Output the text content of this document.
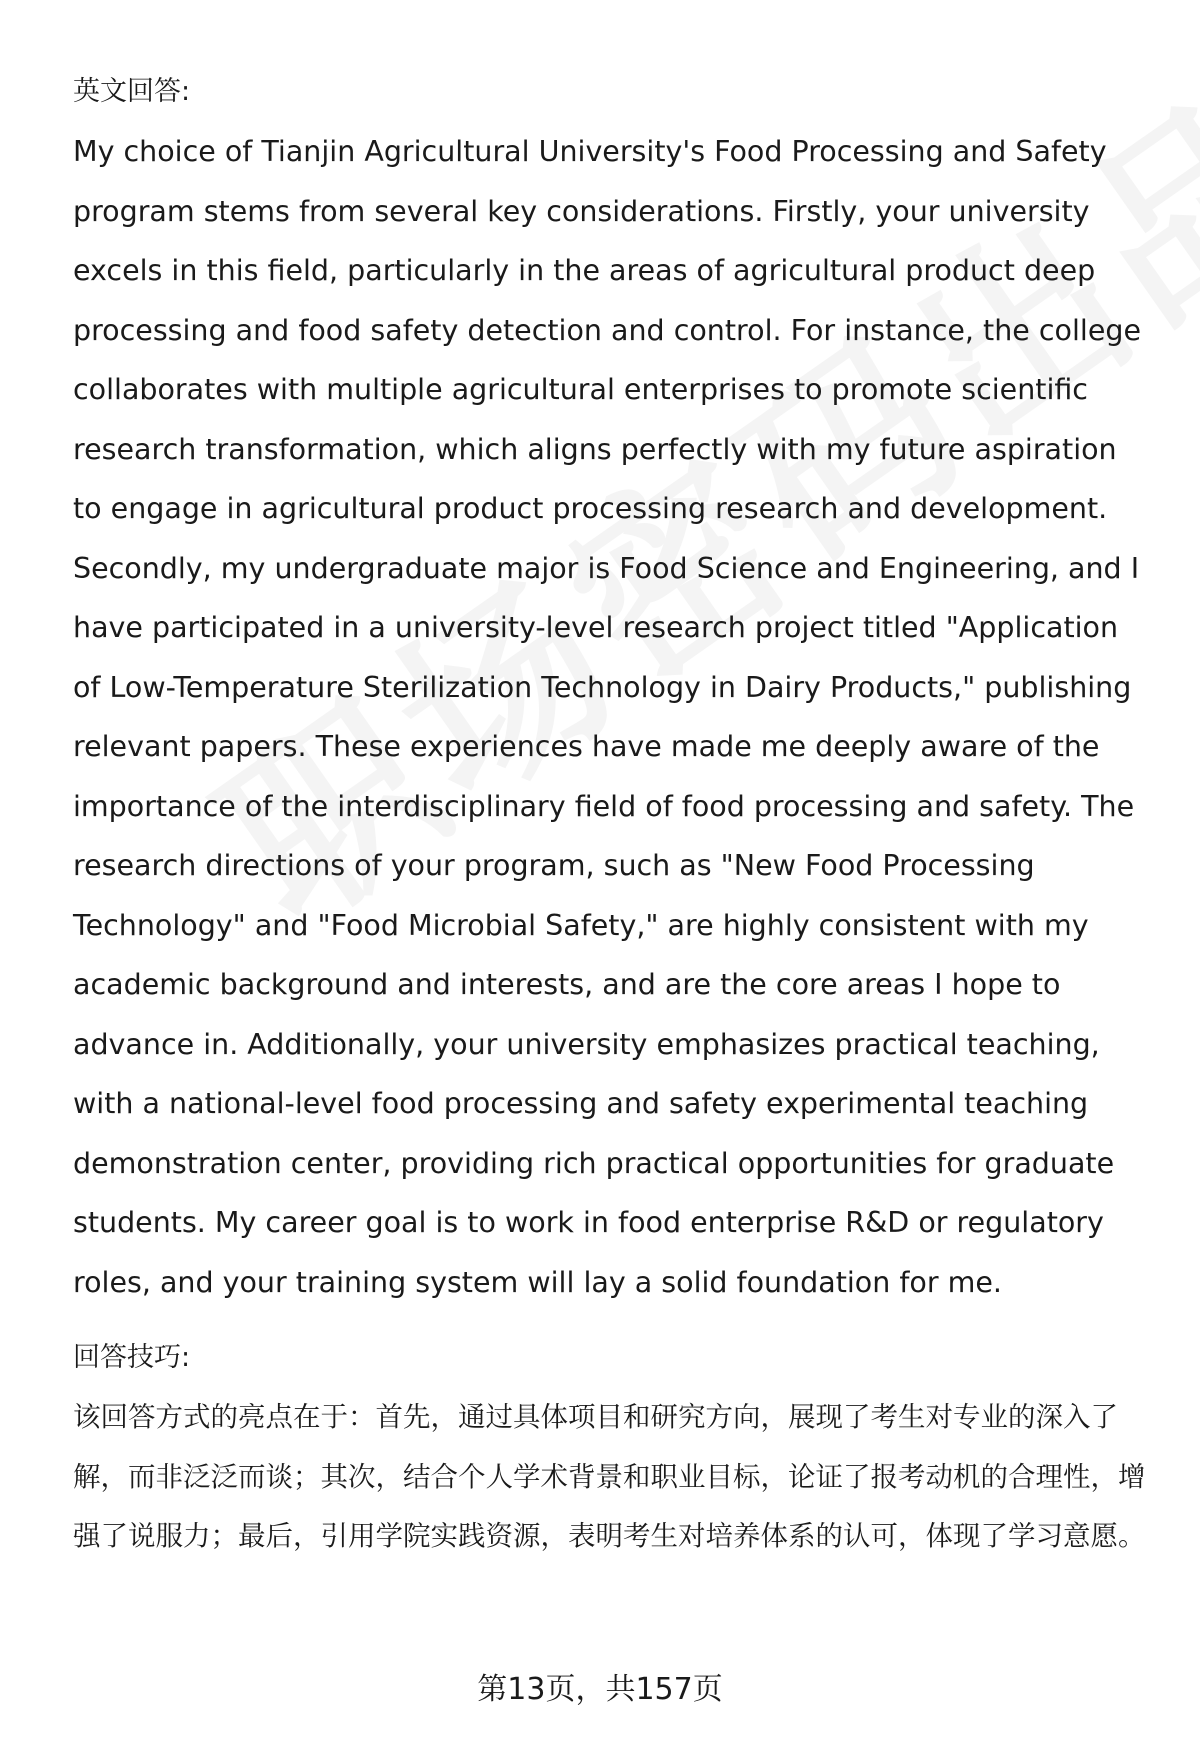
英文回答:

My choice of Tianjin Agricultural University's Food Processing and Safety program stems from several key considerations. Firstly, your university excels in this field, particularly in the areas of agricultural product deep processing and food safety detection and control. For instance, the college collaborates with multiple agricultural enterprises to promote scientific research transformation, which aligns perfectly with my future aspiration to engage in agricultural product processing research and development. Secondly, my undergraduate major is Food Science and Engineering, and I have participated in a university-level research project titled "Application of Low-Temperature Sterilization Technology in Dairy Products," publishing relevant papers. These experiences have made me deeply aware of the importance of the interdisciplinary field of food processing and safety. The research directions of your program, such as "New Food Processing Technology" and "Food Microbial Safety," are highly consistent with my academic background and interests, and are the core areas I hope to advance in. Additionally, your university emphasizes practical teaching, with a national-level food processing and safety experimental teaching demonstration center, providing rich practical opportunities for graduate students. My career goal is to work in food enterprise R&D or regulatory roles, and your training system will lay a solid foundation for me.

回答技巧:

该回答方式的亮点在于：首先，通过具体项目和研究方向，展现了考生对专业的深入了解，而非泛泛而谈；其次，结合个人学术背景和职业目标，论证了报考动机的合理性，增强了说服力；最后，引用学院实践资源，表明考生对培养体系的认可，体现了学习意愿。

第13页，共157页
